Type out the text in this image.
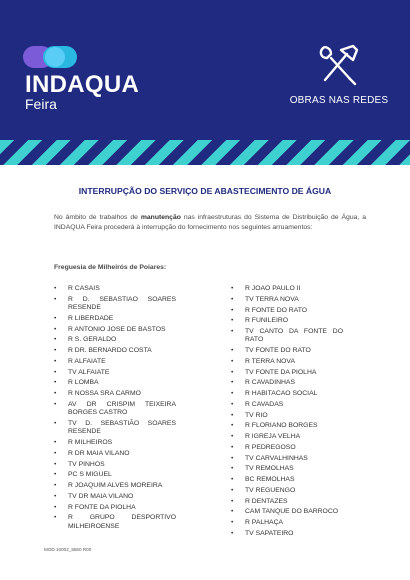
INDAQUA
Feira	OBRAS NAS REDES
INTERRUPÇÃO DO SERVIÇO DE ABASTECIMENTO DE ÁGUA

No âmbito de trabalhos de manutenção nas infraestruturas do Sistema de Distribuição de Água, a INDAQUA Feira procederá à interrupção do fornecimento nos seguintes arruamentos:

Freguesia de Milheirós de Poiares:
• R CASAIS
• R D. SEBASTIAO SOARES RESENDE
• R LIBERDADE
• R ANTONIO JOSE DE BASTOS
• R S. GERALDO
• R DR. BERNARDO COSTA
• R ALFAIATE
• TV ALFAIATE
• R LOMBA
• R NOSSA SRA CARMO
• AV DR CRISPIM TEIXEIRA BORGES CASTRO
• TV D. SEBASTIÃO SOARES RESENDE
• R MILHEIROS
• R DR MAIA VILANO
• TV PINHOS
• PC S MIGUEL
• R JOAQUIM ALVES MOREIRA
• TV DR MAIA VILANO
• R FONTE DA PIOLHA
• R GRUPO DESPORTIVO MILHEIROENSE
• R JOAO PAULO II
• TV TERRA NOVA
• R FONTE DO RATO
• R FUNILEIRO
• TV CANTO DA FONTE DO RATO
• TV FONTE DO RATO
• R TERRA NOVA
• TV FONTE DA PIOLHA
• R CAVADINHAS
• R HABITACAO SOCIAL
• R CAVADAS
• TV RIO
• R FLORIANO BORGES
• R IGREJA VELHA
• R PEDREGOSO
• TV CARVALHINHAS
• TV REMOLHAS
• BC REMOLHAS
• TV REGUENGO
• R DENTAZES
• CAM TANQUE DO BARROCO
• R PALHAÇA
• TV SAPATEIRO
MOD 10002_5550 R00
